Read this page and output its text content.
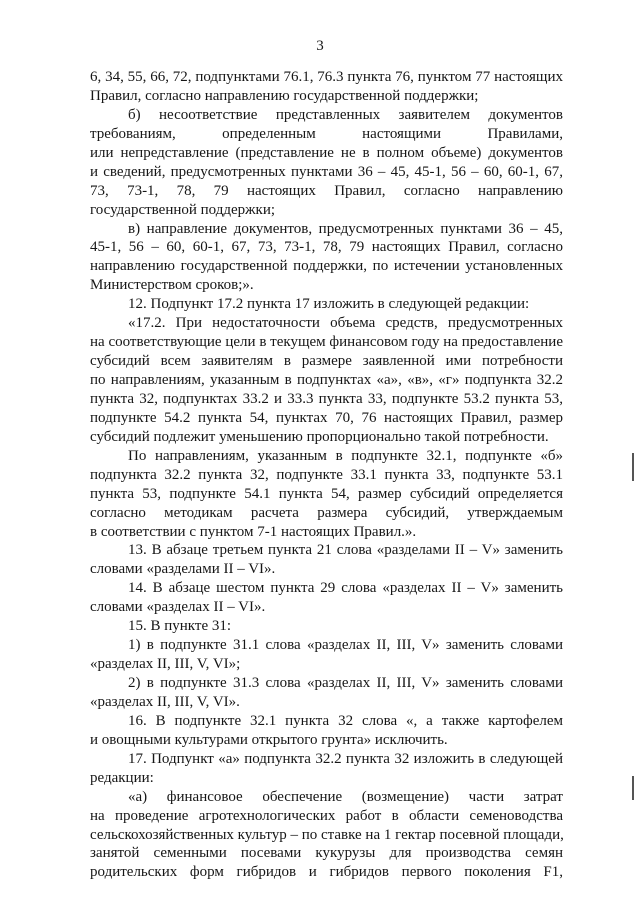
3
6, 34, 55, 66, 72, подпунктами 76.1, 76.3 пункта 76, пунктом 77 настоящих
Правил, согласно направлению государственной поддержки;
б) несоответствие представленных заявителем документов
требованиям, определенным настоящими Правилами,
или непредставление (представление не в полном объеме) документов
и сведений, предусмотренных пунктами 36 – 45, 45-1, 56 – 60, 60-1, 67,
73, 73-1, 78, 79 настоящих Правил, согласно направлению
государственной поддержки;
в) направление документов, предусмотренных пунктами 36 – 45,
45-1, 56 – 60, 60-1, 67, 73, 73-1, 78, 79 настоящих Правил, согласно
направлению государственной поддержки, по истечении установленных
Министерством сроков;».
12. Подпункт 17.2 пункта 17 изложить в следующей редакции:
«17.2. При недостаточности объема средств, предусмотренных
на соответствующие цели в текущем финансовом году на предоставление
субсидий всем заявителям в размере заявленной ими потребности
по направлениям, указанным в подпунктах «а», «в», «г» подпункта 32.2
пункта 32, подпунктах 33.2 и 33.3 пункта 33, подпункте 53.2 пункта 53,
подпункте 54.2 пункта 54, пунктах 70, 76 настоящих Правил, размер
субсидий подлежит уменьшению пропорционально такой потребности.
По направлениям, указанным в подпункте 32.1, подпункте «б»
подпункта 32.2 пункта 32, подпункте 33.1 пункта 33, подпункте 53.1
пункта 53, подпункте 54.1 пункта 54, размер субсидий определяется
согласно методикам расчета размера субсидий, утверждаемым
в соответствии с пунктом 7-1 настоящих Правил.».
13. В абзаце третьем пункта 21 слова «разделами II – V» заменить
словами «разделами II – VI».
14. В абзаце шестом пункта 29 слова «разделах II – V» заменить
словами «разделах II – VI».
15. В пункте 31:
1) в подпункте 31.1 слова «разделах II, III, V» заменить словами
«разделах II, III, V, VI»;
2) в подпункте 31.3 слова «разделах II, III, V» заменить словами
«разделах II, III, V, VI».
16. В подпункте 32.1 пункта 32 слова «, а также картофелем
и овощными культурами открытого грунта» исключить.
17. Подпункт «а» подпункта 32.2 пункта 32 изложить в следующей
редакции:
«а) финансовое обеспечение (возмещение) части затрат
на проведение агротехнологических работ в области семеноводства
сельскохозяйственных культур – по ставке на 1 гектар посевной площади,
занятой семенными посевами кукурузы для производства семян
родительских форм гибридов и гибридов первого поколения F1,
